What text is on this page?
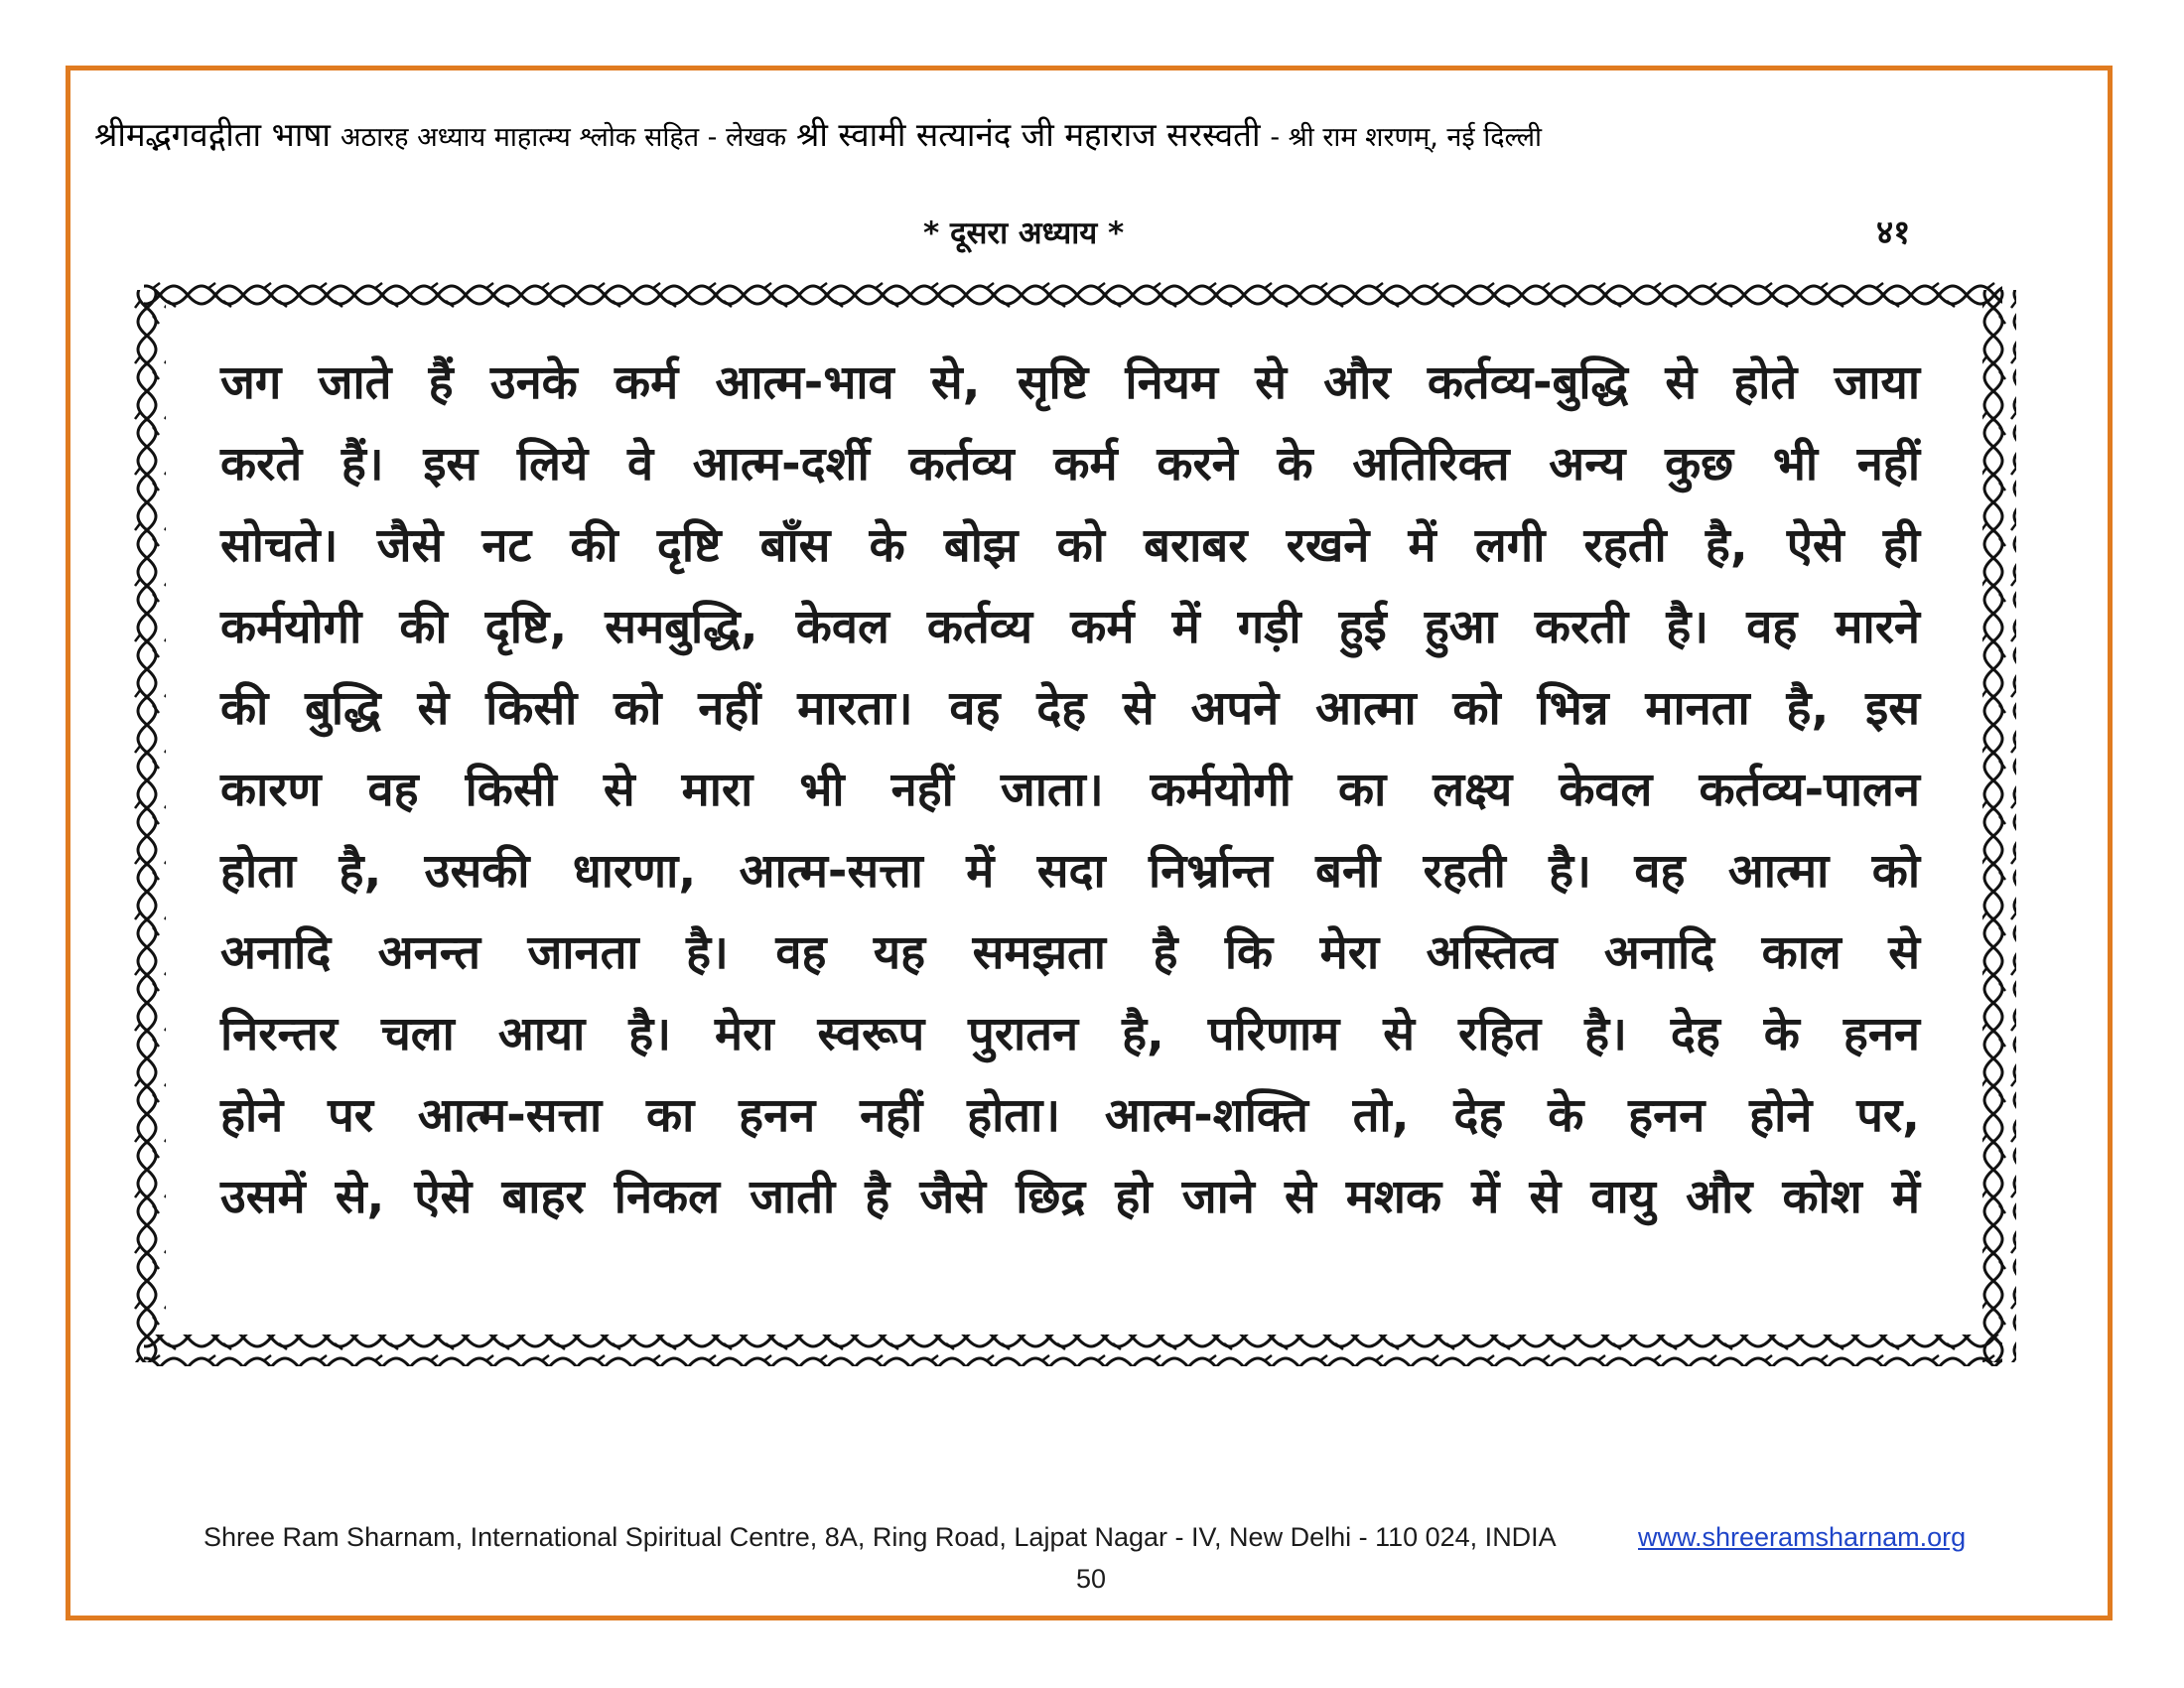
श्रीमद्भगवद्गीता भाषा अठारह अध्याय माहात्म्य श्लोक सहित - लेखक श्री स्वामी सत्यानंद जी महाराज सरस्वती - श्री राम शरणम्, नई दिल्ली
* दूसरा अध्याय *	४१
जग जाते हैं उनके कर्म आत्म-भाव से, सृष्टि नियम से और कर्तव्य-बुद्धि से होते जाया
करते हैं। इस लिये वे आत्म-दर्शी कर्तव्य कर्म करने के अतिरिक्त अन्य कुछ भी नहीं
सोचते। जैसे नट की दृष्टि बाँस के बोझ को बराबर रखने में लगी रहती है, ऐसे ही
कर्मयोगी की दृष्टि, समबुद्धि, केवल कर्तव्य कर्म में गड़ी हुई हुआ करती है। वह मारने
की बुद्धि से किसी को नहीं मारता। वह देह से अपने आत्मा को भिन्न मानता है, इस
कारण वह किसी से मारा भी नहीं जाता। कर्मयोगी का लक्ष्य केवल कर्तव्य-पालन
होता है, उसकी धारणा, आत्म-सत्ता में सदा निर्भ्रान्त बनी रहती है। वह आत्मा को
अनादि अनन्त जानता है। वह यह समझता है कि मेरा अस्तित्व अनादि काल से
निरन्तर चला आया है। मेरा स्वरूप पुरातन है, परिणाम से रहित है। देह के हनन
होने पर आत्म-सत्ता का हनन नहीं होता। आत्म-शक्ति तो, देह के हनन होने पर,
उसमें से, ऐसे बाहर निकल जाती है जैसे छिद्र हो जाने से मशक में से वायु और कोश में
Shree Ram Sharnam, International Spiritual Centre, 8A, Ring Road, Lajpat Nagar - IV, New Delhi - 110 024, INDIA	www.shreeramsharnam.org
50
